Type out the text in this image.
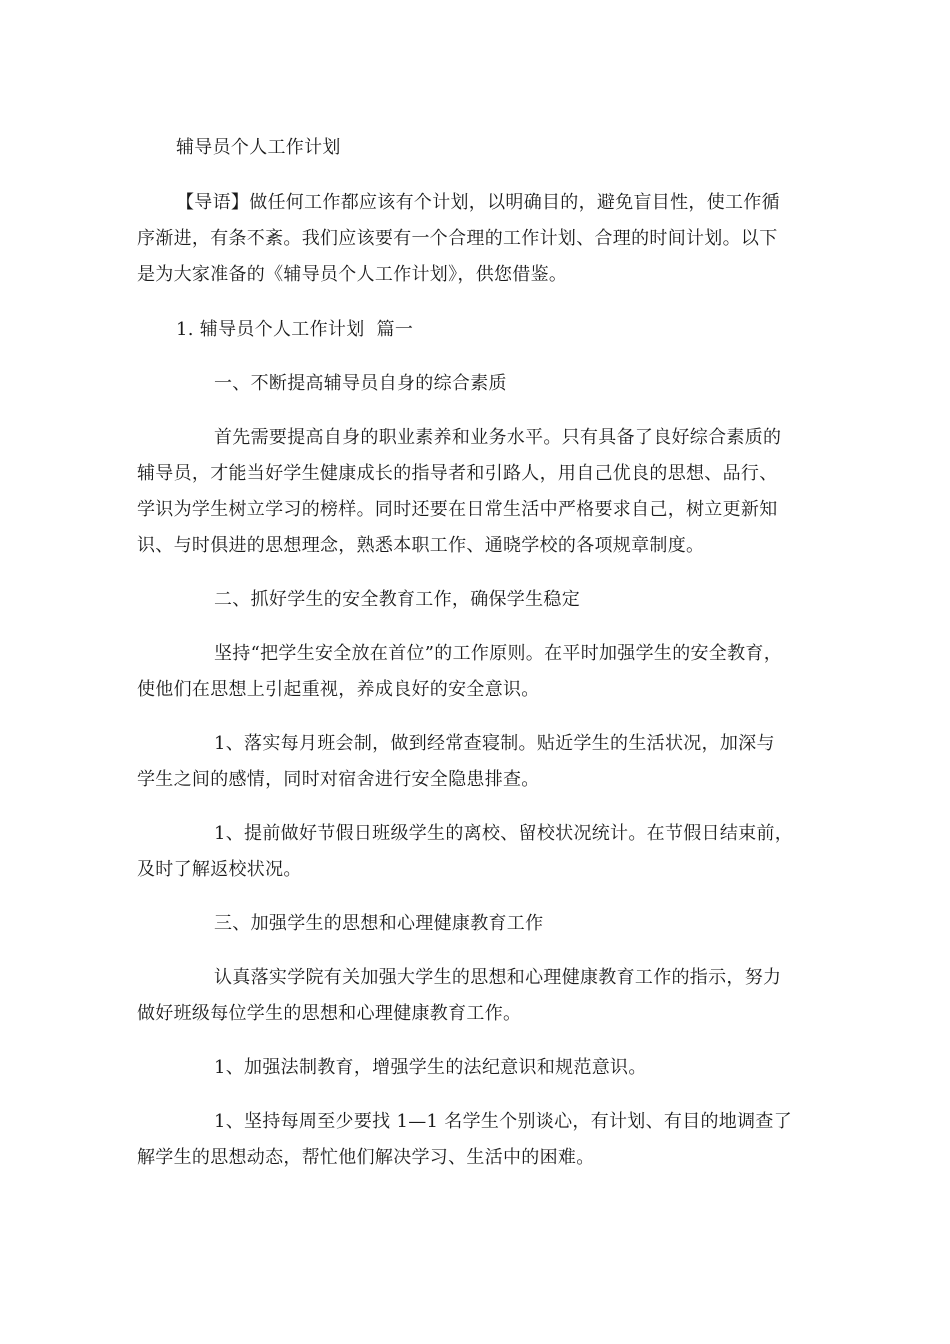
辅导员个人工作计划

【导语】做任何工作都应该有个计划，以明确目的，避免盲目性，使工作循

序渐进，有条不紊。我们应该要有一个合理的工作计划、合理的时间计划。以下

是为大家准备的《辅导员个人工作计划》，供您借鉴。

1. 辅导员个人工作计划  篇一

一、不断提高辅导员自身的综合素质

首先需要提高自身的职业素养和业务水平。只有具备了良好综合素质的

辅导员，才能当好学生健康成长的指导者和引路人，用自己优良的思想、品行、

学识为学生树立学习的榜样。同时还要在日常生活中严格要求自己，树立更新知

识、与时俱进的思想理念，熟悉本职工作、通晓学校的各项规章制度。

二、抓好学生的安全教育工作，确保学生稳定

坚持“把学生安全放在首位”的工作原则。在平时加强学生的安全教育，

使他们在思想上引起重视，养成良好的安全意识。

1、落实每月班会制，做到经常查寝制。贴近学生的生活状况，加深与

学生之间的感情，同时对宿舍进行安全隐患排查。

1、提前做好节假日班级学生的离校、留校状况统计。在节假日结束前，

及时了解返校状况。

三、加强学生的思想和心理健康教育工作

认真落实学院有关加强大学生的思想和心理健康教育工作的指示，努力

做好班级每位学生的思想和心理健康教育工作。

1、加强法制教育，增强学生的法纪意识和规范意识。

1、坚持每周至少要找 1—1 名学生个别谈心，有计划、有目的地调查了

解学生的思想动态，帮忙他们解决学习、生活中的困难。
